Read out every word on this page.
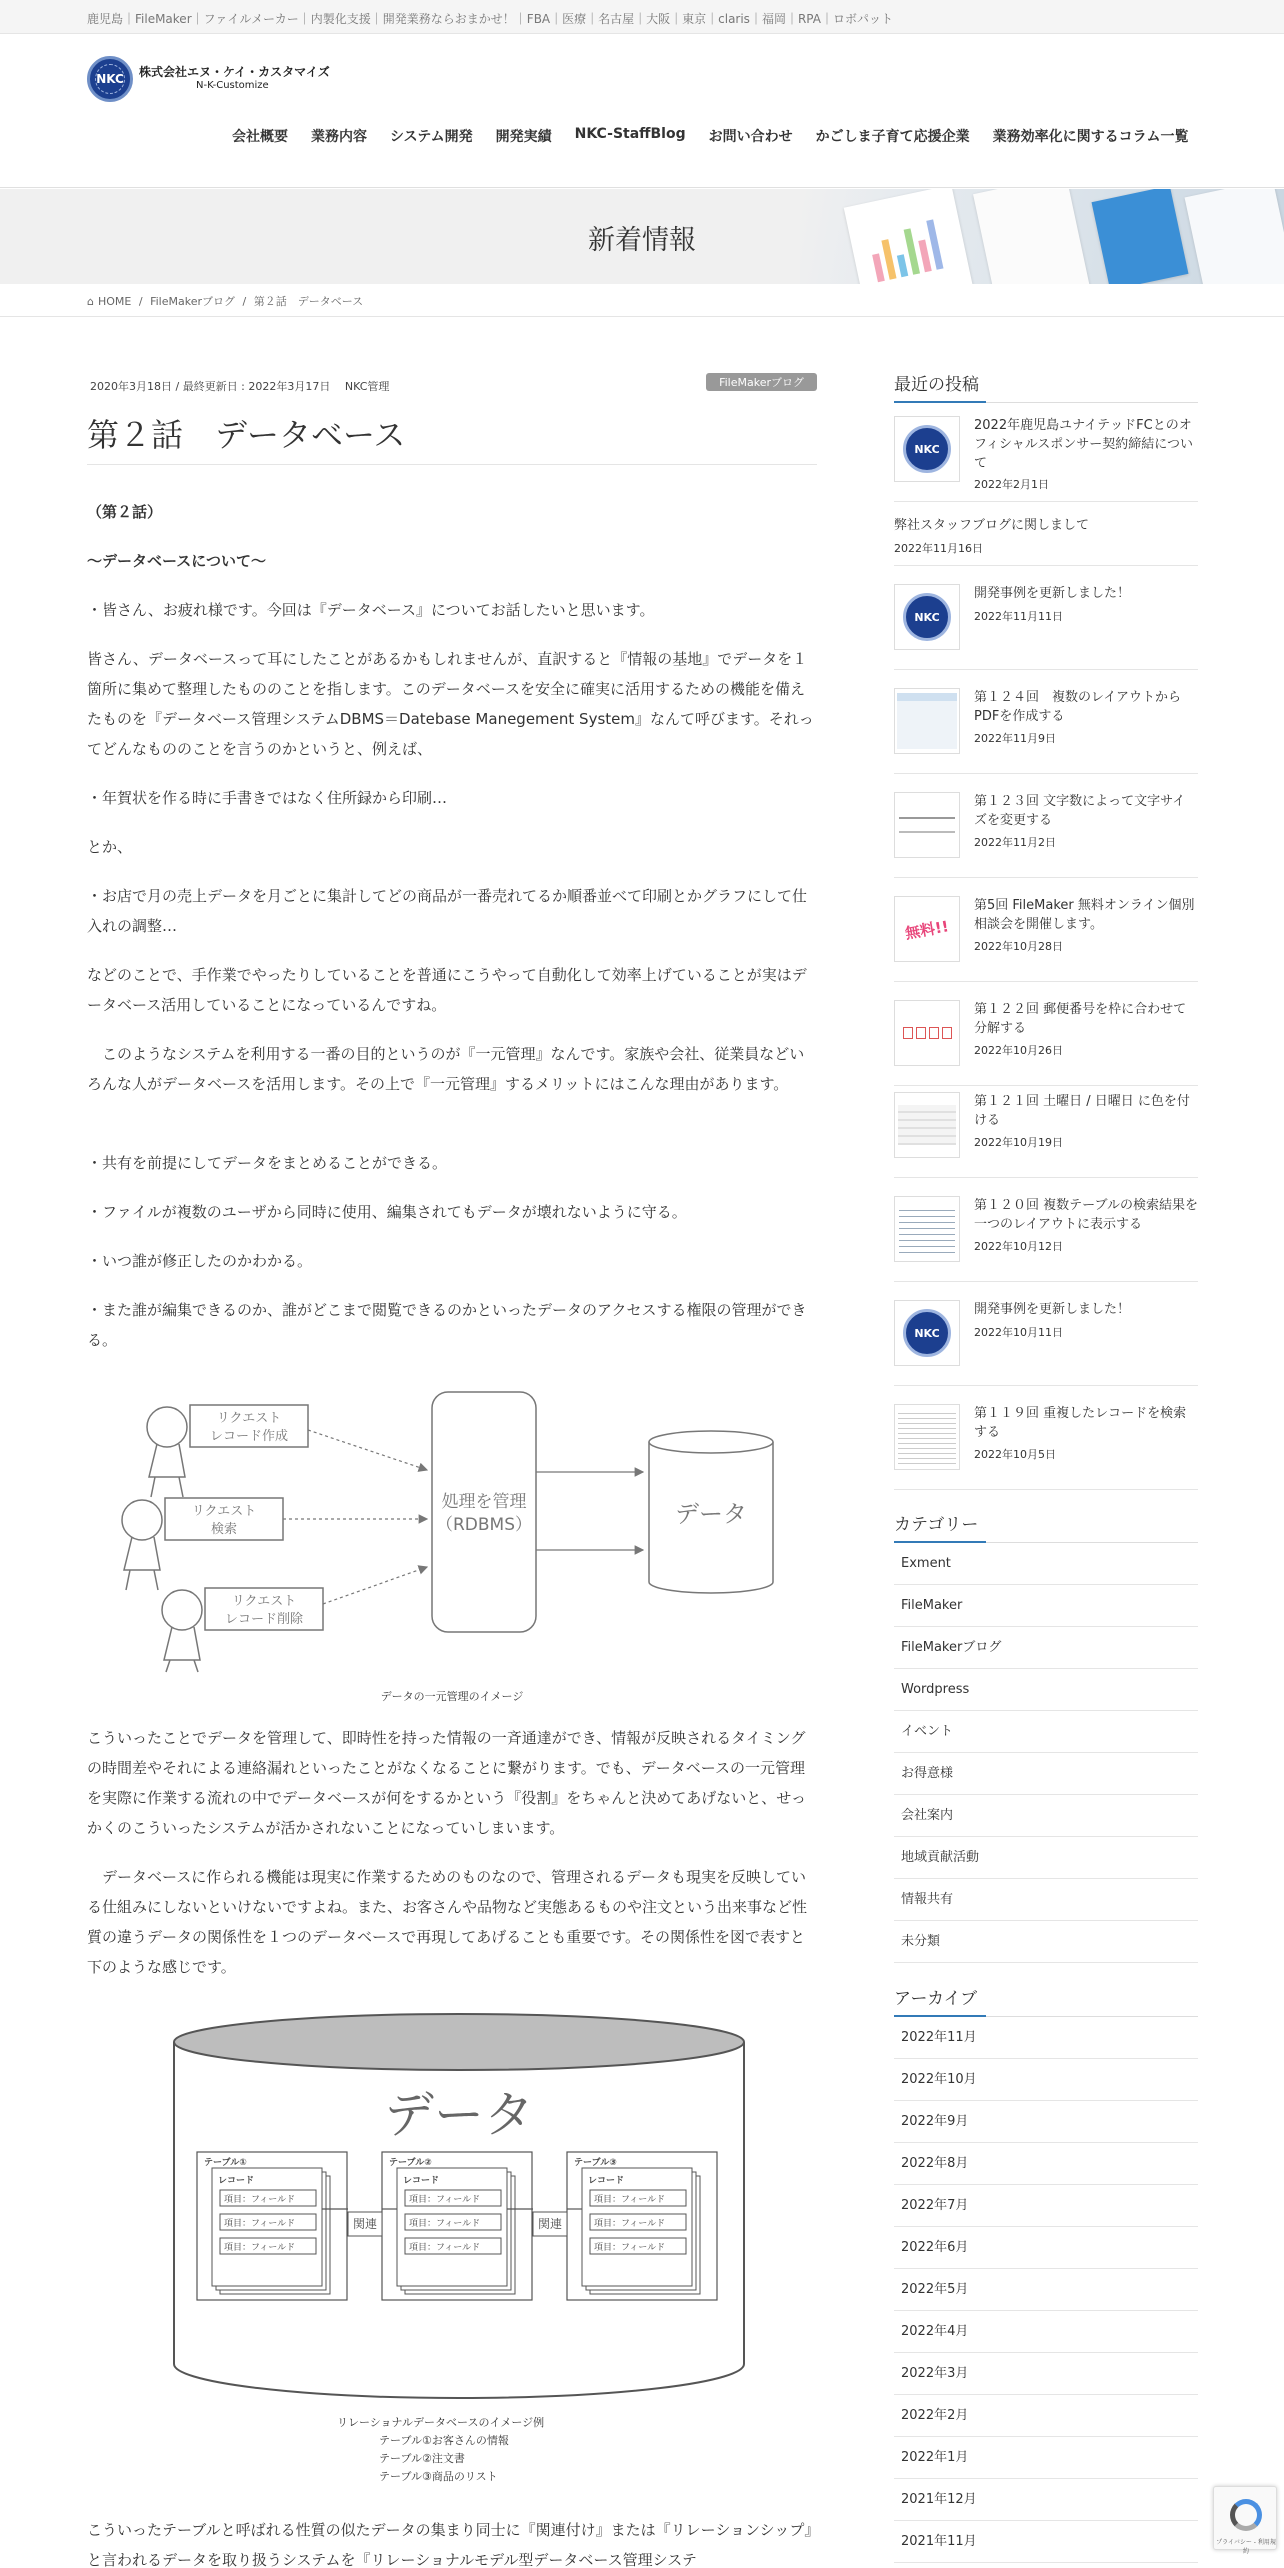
鹿児島｜FileMaker｜ファイルメーカー｜内製化支援｜開発業務ならおまかせ！｜FBA｜医療｜名古屋｜大阪｜東京｜claris｜福岡｜RPA｜ロボパット
NKC 株式会社エヌ・ケイ・カスタマイズ
N-K-Customize
会社概要 業務内容 システム開発 開発実績 NKC-StaffBlog お問い合わせ かごしま子育て応援企業 業務効率化に関するコラム一覧
新着情報
⌂ HOME / FileMakerブログ / 第２話　データベース
2020年3月18日 / 最終更新日 : 2022年3月17日　 NKC管理	FileMakerブログ
第２話　データベース
（第２話）
〜データベースについて〜
・皆さん、お疲れ様です。今回は『データベース』についてお話したいと思います。
皆さん、データベースって耳にしたことがあるかもしれませんが、直訳すると『情報の基地』でデータを１箇所に集めて整理したもののことを指します。このデータベースを安全に確実に活用するための機能を備えたものを『データベース管理システムDBMS＝Datebase Manegement System』なんて呼びます。それってどんなもののことを言うのかというと、例えば、
・年賀状を作る時に手書きではなく住所録から印刷…
とか、
・お店で月の売上データを月ごとに集計してどの商品が一番売れてるか順番並べて印刷とかグラフにして仕入れの調整…
などのことで、手作業でやったりしていることを普通にこうやって自動化して効率上げていることが実はデータベース活用していることになっているんですね。
　このようなシステムを利用する一番の目的というのが『一元管理』なんです。家族や会社、従業員などいろんな人がデータベースを活用します。その上で『一元管理』するメリットにはこんな理由があります。
・共有を前提にしてデータをまとめることができる。
・ファイルが複数のユーザから同時に使用、編集されてもデータが壊れないように守る。
・いつ誰が修正したのかわかる。
・また誰が編集できるのか、誰がどこまで閲覧できるのかといったデータのアクセスする権限の管理ができる。
リクエスト
レコード作成
リクエスト
検索
リクエスト
レコード削除
処理を管理
（RDBMS）	データ
データの一元管理のイメージ
こういったことでデータを管理して、即時性を持った情報の一斉通達ができ、情報が反映されるタイミングの時間差やそれによる連絡漏れといったことがなくなることに繋がります。でも、データベースの一元管理を実際に作業する流れの中でデータベースが何をするかという『役割』をちゃんと決めてあげないと、せっかくのこういったシステムが活かされないことになっていしまいます。
　データベースに作られる機能は現実に作業するためのものなので、管理されるデータも現実を反映している仕組みにしないといけないですよね。また、お客さんや品物など実態あるものや注文という出来事など性質の違うデータの関係性を１つのデータベースで再現してあげることも重要です。その関係性を図で表すと下のような感じです。
データ
テーブル①	テーブル②	テーブル③
レコード	レコード	レコード
項目：フィールド
項目：フィールド
項目：フィールド
項目：フィールド
項目：フィールド
項目：フィールド
項目：フィールド
項目：フィールド
項目：フィールド
関連	関連
リレーショナルデータベースのイメージ例
テーブル①お客さんの情報
テーブル②注文書
テーブル③商品のリスト
こういったテーブルと呼ばれる性質の似たデータの集まり同士に『関連付け』または『リレーションシップ』と言われるデータを取り扱うシステムを『リレーショナルモデル型データベース管理システ
最近の投稿
NKC
2022年鹿児島ユナイテッドFCとのオフィシャルスポンサー契約締結について
2022年2月1日
弊社スタッフブログに関しまして
2022年11月16日
NKC
開発事例を更新しました！
2022年11月11日
第１２４回　複数のレイアウトからPDFを作成する
2022年11月9日
第１２３回 文字数によって文字サイズを変更する
2022年11月2日
無料!!
第5回 FileMaker 無料オンライン個別相談会を開催します。
2022年10月28日
第１２２回 郵便番号を枠に合わせて分解する
2022年10月26日
第１２１回 土曜日 / 日曜日 に色を付ける
2022年10月19日
第１２０回 複数テーブルの検索結果を一つのレイアウトに表示する
2022年10月12日
NKC
開発事例を更新しました！
2022年10月11日
第１１９回 重複したレコードを検索する
2022年10月5日
カテゴリー
Exment
FileMaker
FileMakerブログ
Wordpress
イベント
お得意様
会社案内
地域貢献活動
情報共有
未分類
アーカイブ
2022年11月
2022年10月
2022年9月
2022年8月
2022年7月
2022年6月
2022年5月
2022年4月
2022年3月
2022年2月
2022年1月
2021年12月
2021年11月	プライバシー - 利用規約
